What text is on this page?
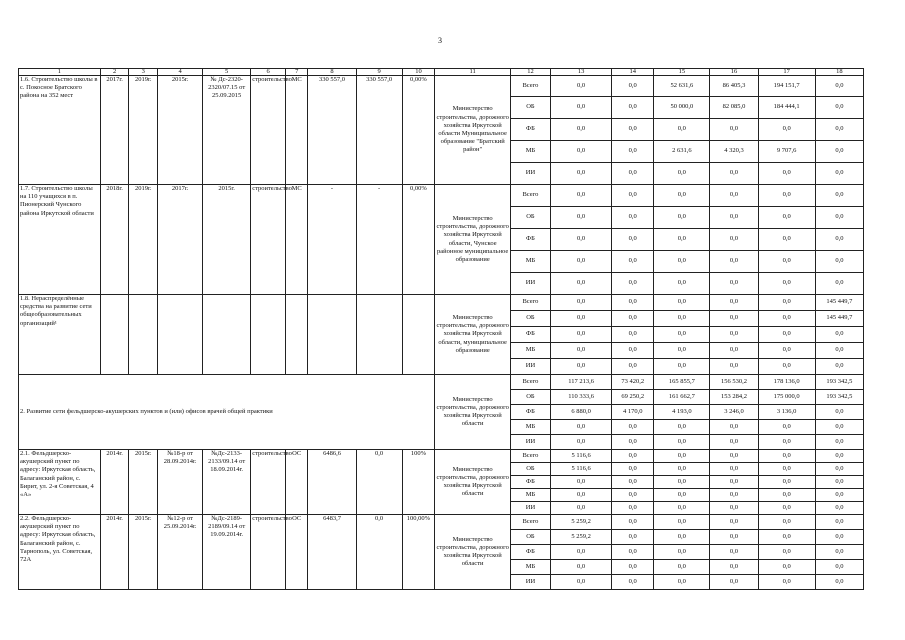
3
1	2	3	4	5	6	7	8	9	10	11	12	13	14	15	16	17	18
1.6. Строительство школы в с. Покосное Братского района на 352 мест	2017г.	2019г.	2015г.	№ Дс-2320-2320/07.15 от 25.09.2015	строительство	МС	330 557,0	330 557,0	0,00%	Министерство строительства, дорожного хозяйства Иркутской области Муниципальное образование "Братский район"	Всего	0,0	0,0	52 631,6	86 405,3	194 151,7	0,0
											ОБ	0,0	0,0	50 000,0	82 085,0	184 444,1	0,0
											ФБ	0,0	0,0	0,0	0,0	0,0	0,0
											МБ	0,0	0,0	2 631,6	4 320,3	9 707,6	0,0
											ИИ	0,0	0,0	0,0	0,0	0,0	0,0
1.7. Строительство школы на 110 учащихся в п. Пионерский Чунского района Иркутской области	2018г.	2019г.	2017г.	2015г.	строительство	МС	-	-	0,00%	Министерство строительства, дорожного хозяйства Иркутской области, Чунское районное муниципальное образование	Всего	0,0	0,0	0,0	0,0	0,0	0,0
											ОБ	0,0	0,0	0,0	0,0	0,0	0,0
											ФБ	0,0	0,0	0,0	0,0	0,0	0,0
											МБ	0,0	0,0	0,0	0,0	0,0	0,0
											ИИ	0,0	0,0	0,0	0,0	0,0	0,0
1.8. Нераспределённые средства на развитие сети общеобразовательных организаций¹										Министерство строительства, дорожного хозяйства Иркутской области, муниципальное образование	Всего	0,0	0,0	0,0	0,0	0,0	145 449,7
											ОБ	0,0	0,0	0,0	0,0	0,0	145 449,7
											ФБ	0,0	0,0	0,0	0,0	0,0	0,0
											МБ	0,0	0,0	0,0	0,0	0,0	0,0
											ИИ	0,0	0,0	0,0	0,0	0,0	0,0
2. Развитие сети фельдшерско-акушерских пунктов и (или) офисов врачей общей практики										Министерство строительства, дорожного хозяйства Иркутской области	Всего	117 213,6	73 420,2	165 855,7	156 530,2	178 136,0	193 342,5
											ОБ	110 333,6	69 250,2	161 662,7	153 284,2	175 000,0	193 342,5
											ФБ	6 880,0	4 170,0	4 193,0	3 246,0	3 136,0	0,0
											МБ	0,0	0,0	0,0	0,0	0,0	0,0
											ИИ	0,0	0,0	0,0	0,0	0,0	0,0
2.1. Фельдшерско-акушерский пункт по адресу: Иркутская область, Балаганский район, с. Бирит, ул. 2-я Советская, 4 «А»	2014г.	2015г.	№18-р от 28.09.2014г.	№Дс-2133-2133/09.14 от 18.09.2014г.	строительство	ОС	6486,6	0,0	100%	Министерство строительства, дорожного хозяйства Иркутской области	Всего	5 116,6	0,0	0,0	0,0	0,0	0,0
											ОБ	5 116,6	0,0	0,0	0,0	0,0	0,0
											ФБ	0,0	0,0	0,0	0,0	0,0	0,0
											МБ	0,0	0,0	0,0	0,0	0,0	0,0
											ИИ	0,0	0,0	0,0	0,0	0,0	0,0
2.2. Фельдшерско-акушерский пункт по адресу: Иркутская область, Балаганский район, с. Тарнополь, ул. Советская, 72А	2014г.	2015г.	№12-р от 25.09.2014г.	№Дс-2189-2189/09.14 от 19.09.2014г.	строительство	ОС	6483,7	0,0	100,00%	Министерство строительства, дорожного хозяйства Иркутской области	Всего	5 259,2	0,0	0,0	0,0	0,0	0,0
											ОБ	5 259,2	0,0	0,0	0,0	0,0	0,0
											ФБ	0,0	0,0	0,0	0,0	0,0	0,0
											МБ	0,0	0,0	0,0	0,0	0,0	0,0
											ИИ	0,0	0,0	0,0	0,0	0,0	0,0
